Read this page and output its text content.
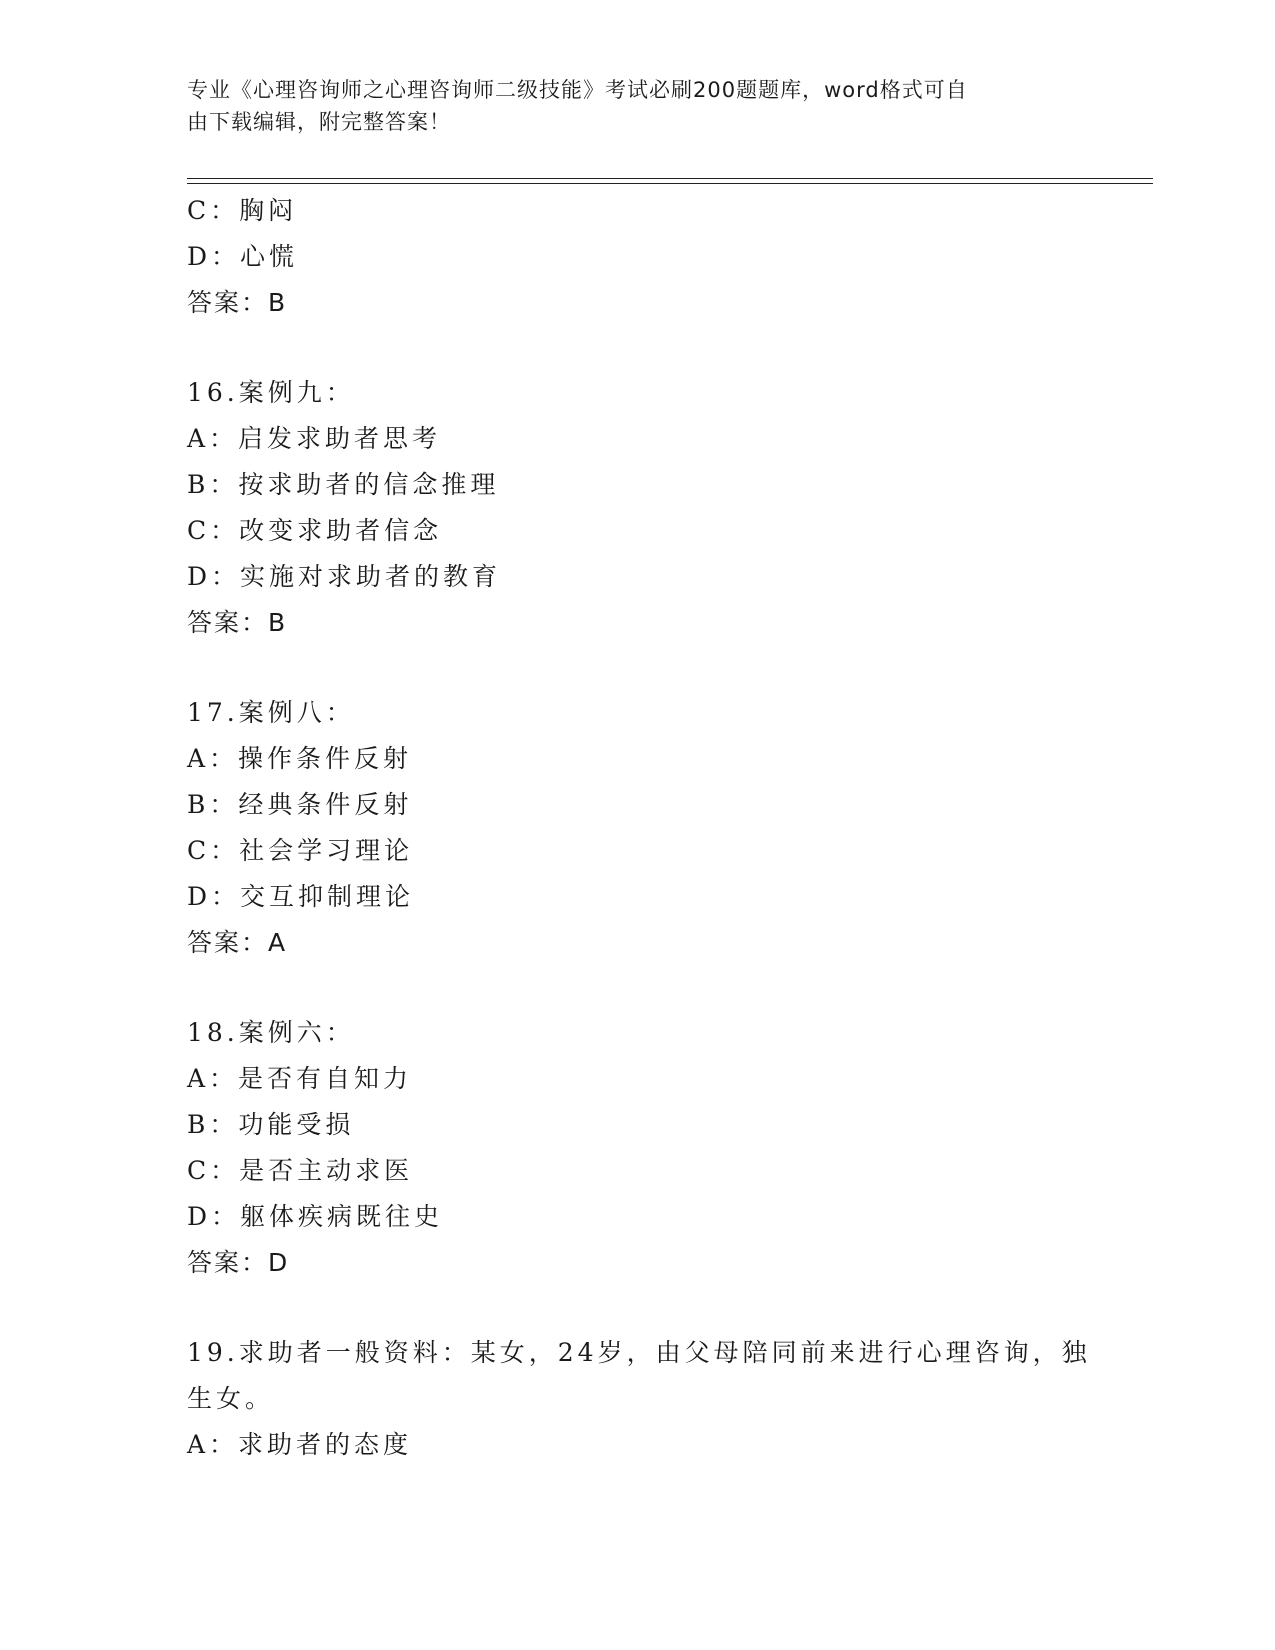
专业《心理咨询师之心理咨询师二级技能》考试必刷200题题库，word格式可自
由下载编辑，附完整答案！
C：胸闷
D：心慌
答案：B
16.案例九：
A：启发求助者思考
B：按求助者的信念推理
C：改变求助者信念
D：实施对求助者的教育
答案：B
17.案例八：
A：操作条件反射
B：经典条件反射
C：社会学习理论
D：交互抑制理论
答案：A
18.案例六：
A：是否有自知力
B：功能受损
C：是否主动求医
D：躯体疾病既往史
答案：D
19.求助者一般资料：某女，24岁，由父母陪同前来进行心理咨询，独
生女。
A：求助者的态度
